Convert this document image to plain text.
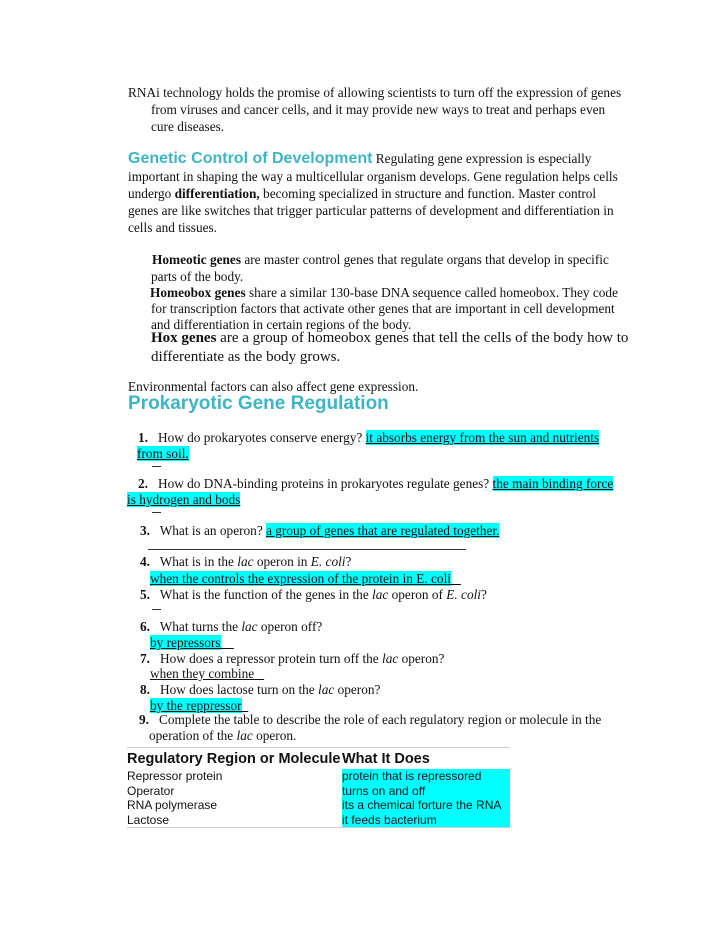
RNAi technology holds the promise of allowing scientists to turn off the expression of genes
from viruses and cancer cells, and it may provide new ways to treat and perhaps even
cure diseases.
Genetic Control of Development Regulating gene expression is especially
important in shaping the way a multicellular organism develops. Gene regulation helps cells
undergo differentiation, becoming specialized in structure and function. Master control
genes are like switches that trigger particular patterns of development and differentiation in
cells and tissues.
Homeotic genes are master control genes that regulate organs that develop in specific
parts of the body.
Homeobox genes share a similar 130-base DNA sequence called homeobox. They code
for transcription factors that activate other genes that are important in cell development
and differentiation in certain regions of the body.
Hox genes are a group of homeobox genes that tell the cells of the body how to
differentiate as the body grows.
Environmental factors can also affect gene expression.
Prokaryotic Gene Regulation
1. How do prokaryotes conserve energy? it absorbs energy from the sun and nutrients
from soil.
2. How do DNA-binding proteins in prokaryotes regulate genes? the main binding force
is hydrogen and bods
3. What is an operon? a group of genes that are regulated together.
4. What is in the lac operon in E. coli?
when the controls the expression of the protein in E. coli
5. What is the function of the genes in the lac operon of E. coli?
6. What turns the lac operon off?
by repressors
7. How does a repressor protein turn off the lac operon?
when they combine
8. How does lactose turn on the lac operon?
by the reppressor
9. Complete the table to describe the role of each regulatory region or molecule in the
operation of the lac operon.
Regulatory Region or Molecule	What It Does
Repressor protein	protein that is repressored
Operator	turns on and off
RNA polymerase	its a chemical forture the RNA
Lactose	it feeds bacterium
